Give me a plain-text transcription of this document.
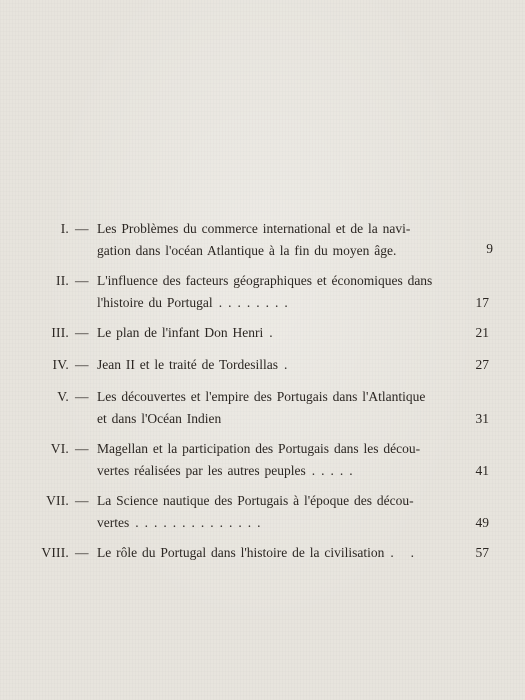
I. — Les Problèmes du commerce international et de la navi-
gation dans l'océan Atlantique à la fin du moyen âge.	9
II. — L'influence des facteurs géographiques et économiques dans
l'histoire du Portugal ........	17
III. — Le plan de l'infant Don Henri .	21
IV. — Jean II et le traité de Tordesillas .	27
V. — Les découvertes et l'empire des Portugais dans l'Atlantique
et dans l'Océan Indien	31
VI. — Magellan et la participation des Portugais dans les décou-
vertes réalisées par les autres peuples .....	41
VII. — La Science nautique des Portugais à l'époque des décou-
vertes ..............	49
VIII. — Le rôle du Portugal dans l'histoire de la civilisation . .	57
